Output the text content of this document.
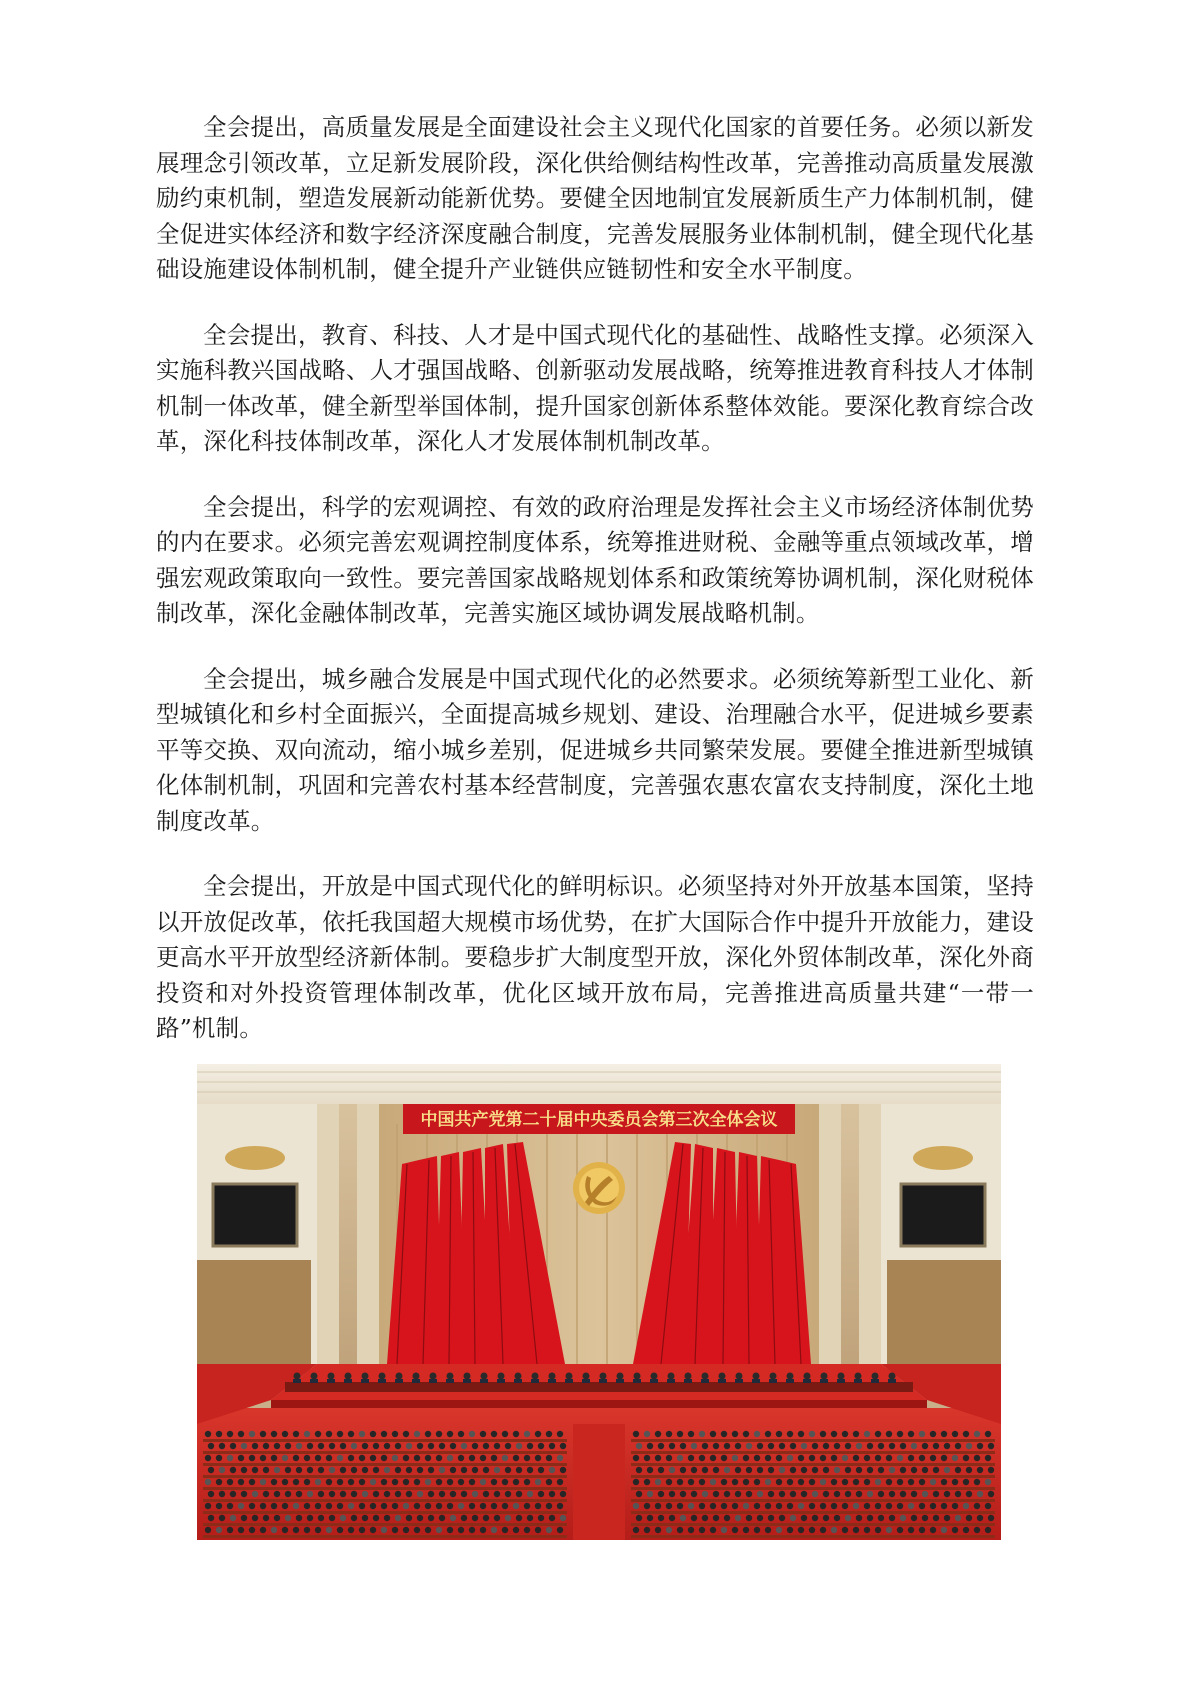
全会提出，高质量发展是全面建设社会主义现代化国家的首要任务。必须以新发展理念引领改革，立足新发展阶段，深化供给侧结构性改革，完善推动高质量发展激励约束机制，塑造发展新动能新优势。要健全因地制宜发展新质生产力体制机制，健全促进实体经济和数字经济深度融合制度，完善发展服务业体制机制，健全现代化基础设施建设体制机制，健全提升产业链供应链韧性和安全水平制度。

全会提出，教育、科技、人才是中国式现代化的基础性、战略性支撑。必须深入实施科教兴国战略、人才强国战略、创新驱动发展战略，统筹推进教育科技人才体制机制一体改革，健全新型举国体制，提升国家创新体系整体效能。要深化教育综合改革，深化科技体制改革，深化人才发展体制机制改革。

全会提出，科学的宏观调控、有效的政府治理是发挥社会主义市场经济体制优势的内在要求。必须完善宏观调控制度体系，统筹推进财税、金融等重点领域改革，增强宏观政策取向一致性。要完善国家战略规划体系和政策统筹协调机制，深化财税体制改革，深化金融体制改革，完善实施区域协调发展战略机制。

全会提出，城乡融合发展是中国式现代化的必然要求。必须统筹新型工业化、新型城镇化和乡村全面振兴，全面提高城乡规划、建设、治理融合水平，促进城乡要素平等交换、双向流动，缩小城乡差别，促进城乡共同繁荣发展。要健全推进新型城镇化体制机制，巩固和完善农村基本经营制度，完善强农惠农富农支持制度，深化土地制度改革。

全会提出，开放是中国式现代化的鲜明标识。必须坚持对外开放基本国策，坚持以开放促改革，依托我国超大规模市场优势，在扩大国际合作中提升开放能力，建设更高水平开放型经济新体制。要稳步扩大制度型开放，深化外贸体制改革，深化外商投资和对外投资管理体制改革，优化区域开放布局，完善推进高质量共建“一带一路”机制。

中国共产党第二十届中央委员会第三次全体会议
